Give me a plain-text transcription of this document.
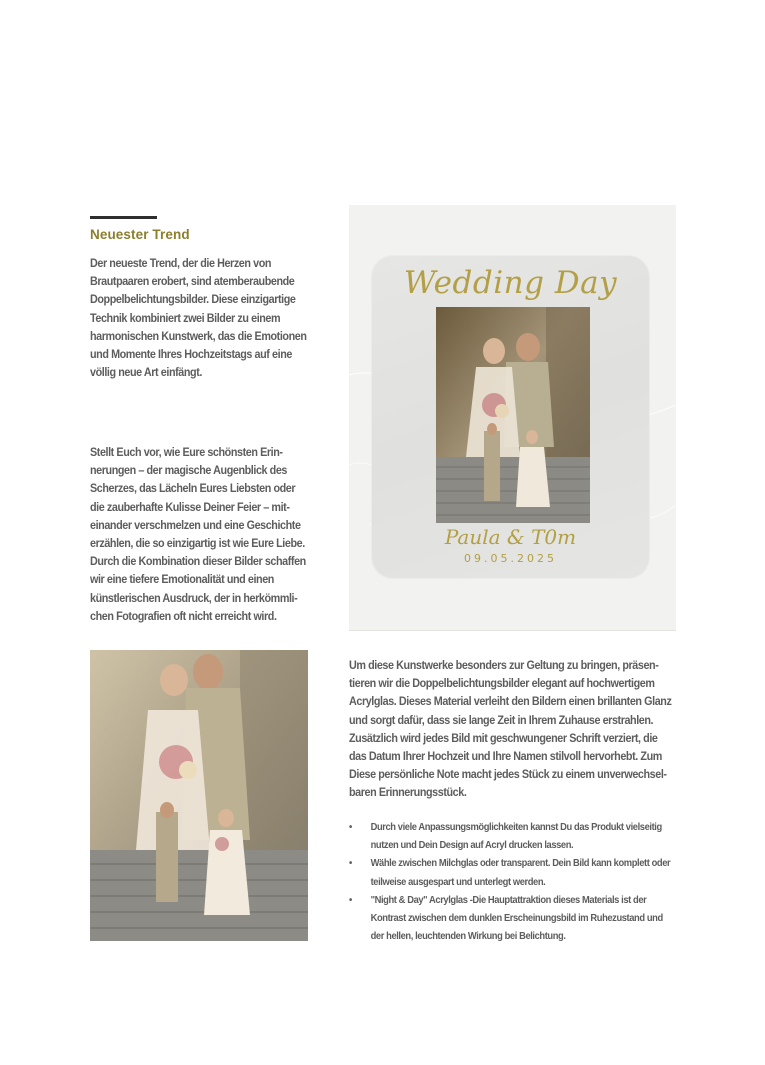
Neuester Trend
Der neueste Trend, der die Herzen von Brautpaaren erobert, sind atemberaubende Doppelbelichtungsbilder. Diese einzigartige Technik kombiniert zwei Bilder zu einem harmonischen Kunstwerk, das die Emotionen und Momente Ihres Hochzeitstags auf eine völlig neue Art einfängt.
Stellt Euch vor, wie Eure schönsten Erinnerungen – der magische Augenblick des Scherzes, das Lächeln Eures Liebsten oder die zauberhafte Kulisse Deiner Feier – miteinander verschmelzen und eine Geschichte erzählen, die so einzigartig ist wie Eure Liebe. Durch die Kombination dieser Bilder schaffen wir eine tiefere Emotionalität und einen künstlerischen Ausdruck, der in herkömmlichen Fotografien oft nicht erreicht wird.
Wedding Day
Paula & T0m
09.05.2025
Um diese Kunstwerke besonders zur Geltung zu bringen, präsentieren wir die Doppelbelichtungsbilder elegant auf hochwertigem Acrylglas. Dieses Material verleiht den Bildern einen brillanten Glanz und sorgt dafür, dass sie lange Zeit in Ihrem Zuhause erstrahlen. Zusätzlich wird jedes Bild mit geschwungener Schrift verziert, die das Datum Ihrer Hochzeit und Ihre Namen stilvoll hervorhebt. Zum Diese persönliche Note macht jedes Stück zu einem unverwechselbaren Erinnerungsstück.
• Durch viele Anpassungsmöglichkeiten kannst Du das Produkt vielseitig nutzen und Dein Design auf Acryl drucken lassen.
• Wähle zwischen Milchglas oder transparent. Dein Bild kann komplett oder teilweise ausgespart und unterlegt werden.
• "Night & Day" Acrylglas -Die Hauptattraktion dieses Materials ist der Kontrast zwischen dem dunklen Erscheinungsbild im Ruhezustand und der hellen, leuchtenden Wirkung bei Belichtung.
